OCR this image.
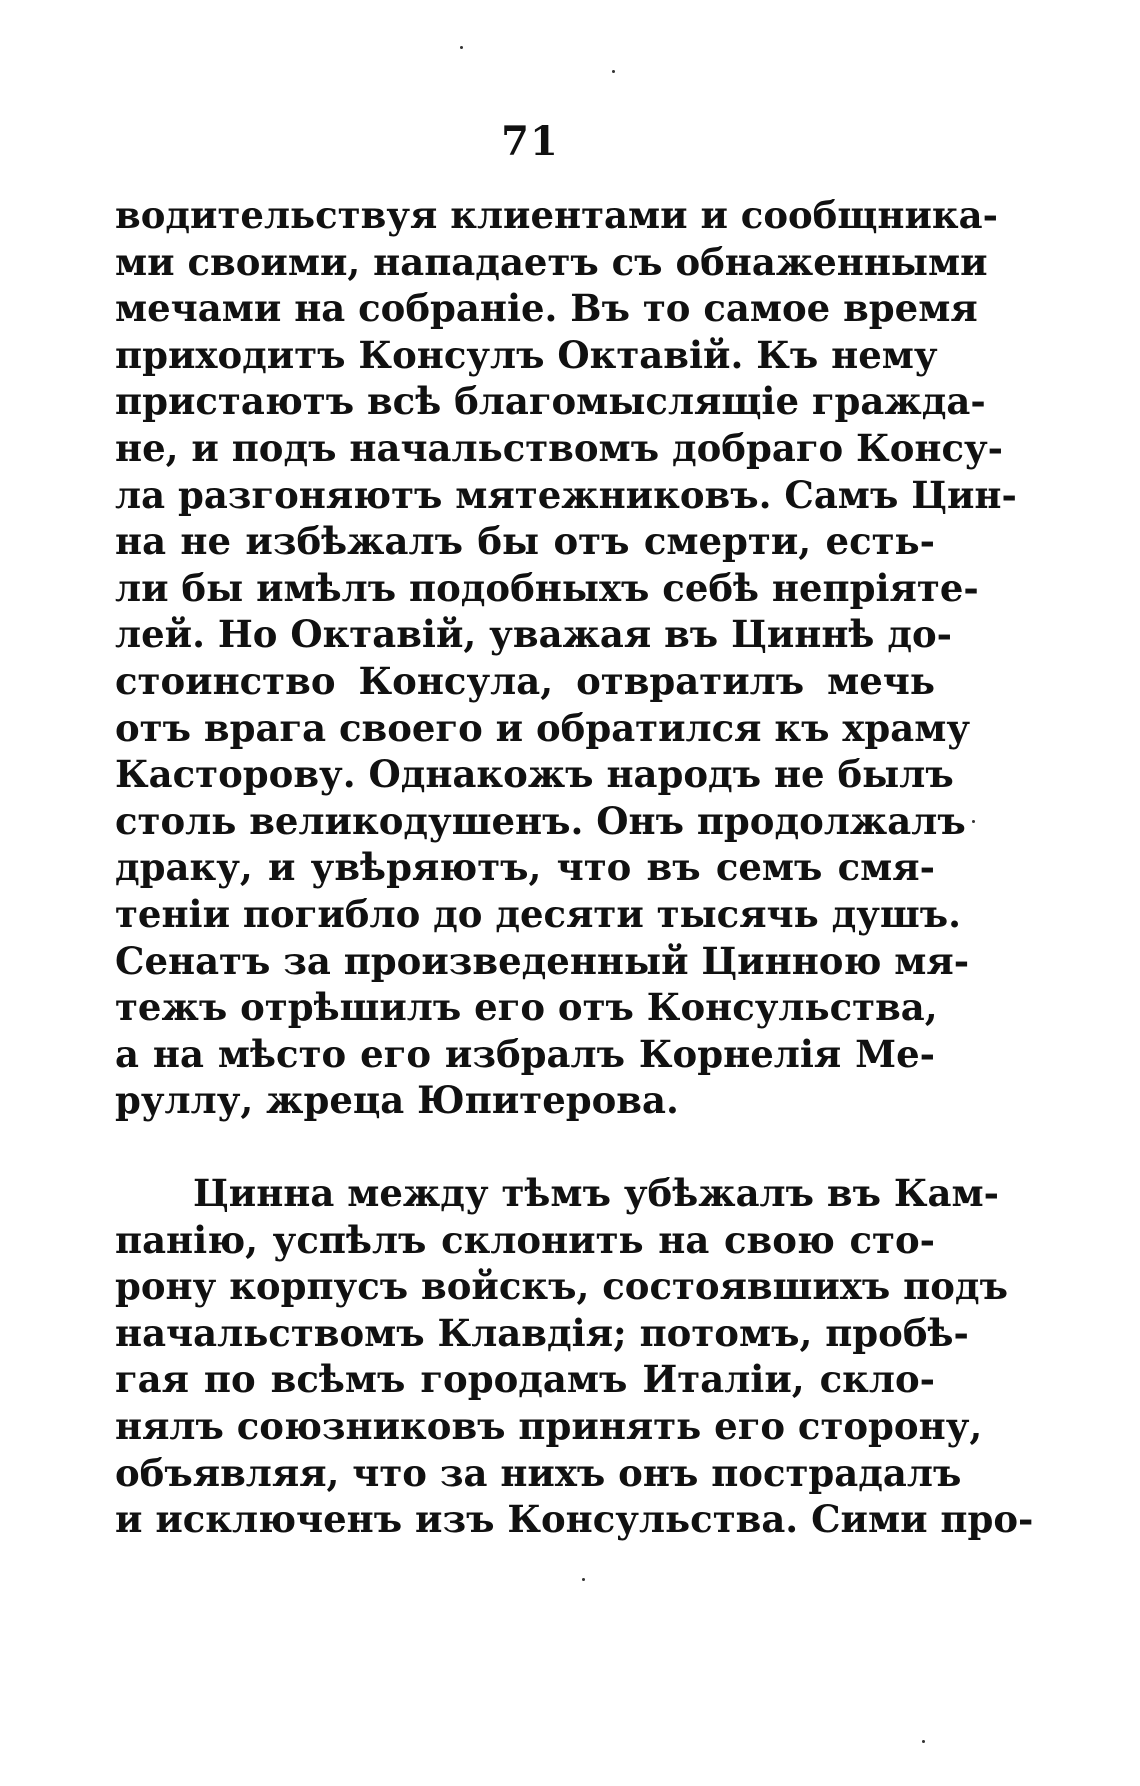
71
водительствуя клиентами и сообщника-
ми своими, нападаетъ съ обнаженными
мечами на собраніе. Въ то самое время
приходитъ Консулъ Октавій. Къ нему
пристаютъ всѣ благомыслящіе граждa-
не, и подъ начальствомъ добраго Консу-
ла разгоняютъ мятежниковъ. Самъ Цин-
на не избѣжалъ бы отъ смерти, есть-
ли бы имѣлъ подобныхъ себѣ непріяте-
лей. Но Октавій, уважая въ Циннѣ до-
стоинство Консула, отвратилъ мечь
отъ врага своего и обратился къ храму
Касторову. Однакожъ народъ не былъ
столь великодушенъ. Онъ продолжалъ
драку, и увѣряютъ, что въ семъ смя-
теніи погибло до десяти тысячь душъ.
Сенатъ за произведенный Цинною мя-
тежъ отрѣшилъ его отъ Консульства,
а на мѣсто его избралъ Корнелія Ме-
руллу, жреца Юпитерова.
Цинна между тѣмъ убѣжалъ въ Кам-
панію, успѣлъ склонить на свою сто-
рону корпусъ войскъ, состоявшихъ подъ
начальствомъ Клавдія; потомъ, пробѣ-
гая по всѣмъ городамъ Италіи, скло-
нялъ союзниковъ принять его сторону,
объявляя, что за нихъ онъ пострадалъ
и исключенъ изъ Консульства. Сими про-
